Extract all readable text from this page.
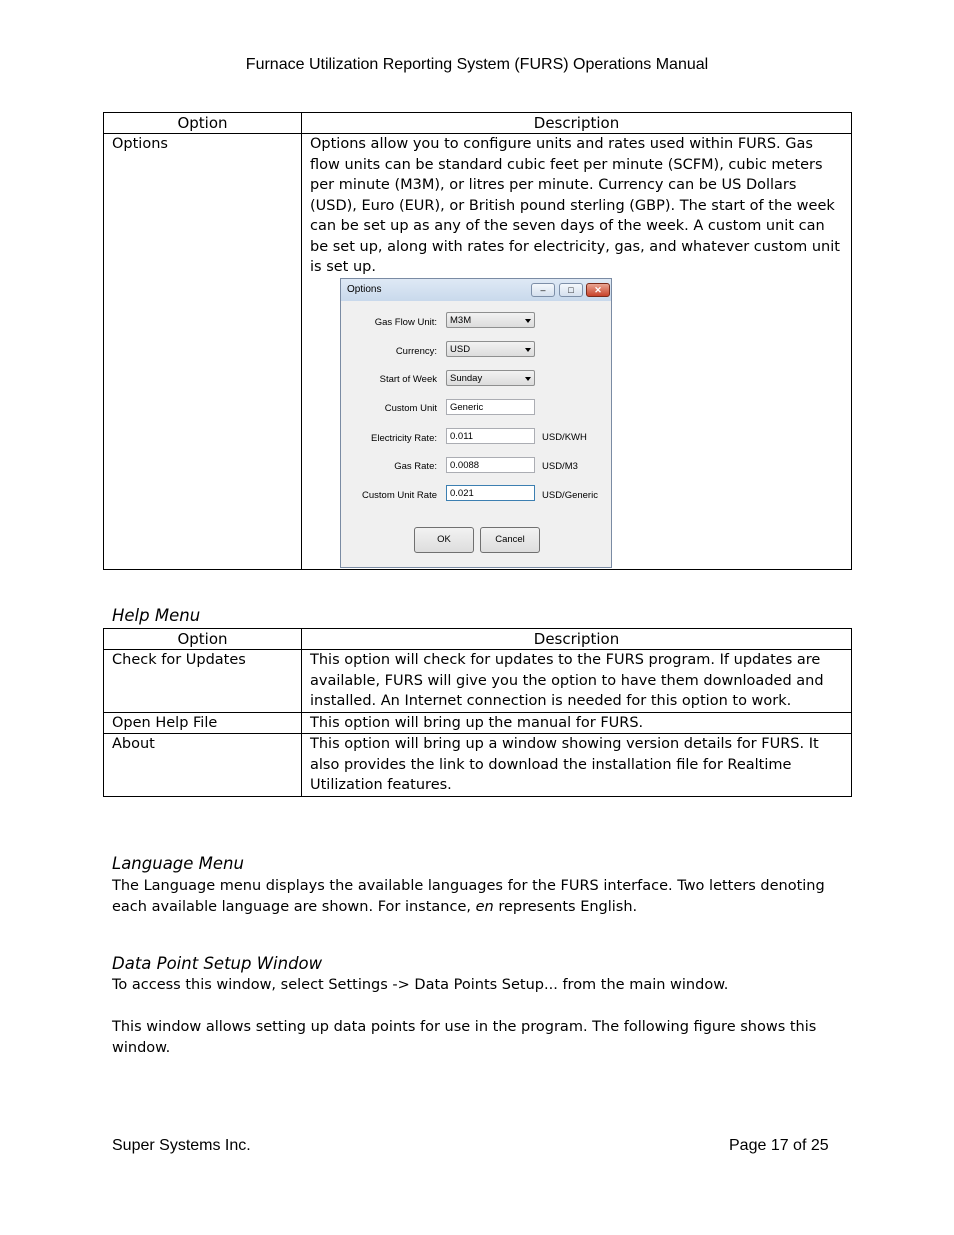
Furnace Utilization Reporting System (FURS) Operations Manual
Option	Description
Options	Options allow you to configure units and rates used within FURS. Gas flow units can be standard cubic feet per minute (SCFM), cubic meters per minute (M3M), or litres per minute. Currency can be US Dollars (USD), Euro (EUR), or British pound sterling (GBP). The start of the week can be set up as any of the seven days of the week. A custom unit can be set up, along with rates for electricity, gas, and whatever custom unit is set up.
Options	–	□	✕
Gas Flow Unit: M3M
Currency: USD
Start of Week Sunday
Custom Unit Generic
Electricity Rate: 0.011	USD/KWH
Gas Rate: 0.0088	USD/M3
Custom Unit Rate 0.021	USD/Generic
OK	Cancel
Help Menu
Option	Description
Check for Updates	This option will check for updates to the FURS program. If updates are available, FURS will give you the option to have them downloaded and installed. An Internet connection is needed for this option to work.
Open Help File	This option will bring up the manual for FURS.
About	This option will bring up a window showing version details for FURS. It also provides the link to download the installation file for Realtime Utilization features.
Language Menu
The Language menu displays the available languages for the FURS interface. Two letters denoting each available language are shown. For instance, en represents English.
Data Point Setup Window
To access this window, select Settings -> Data Points Setup... from the main window.
This window allows setting up data points for use in the program. The following figure shows this window.
Super Systems Inc.	Page 17 of 25
